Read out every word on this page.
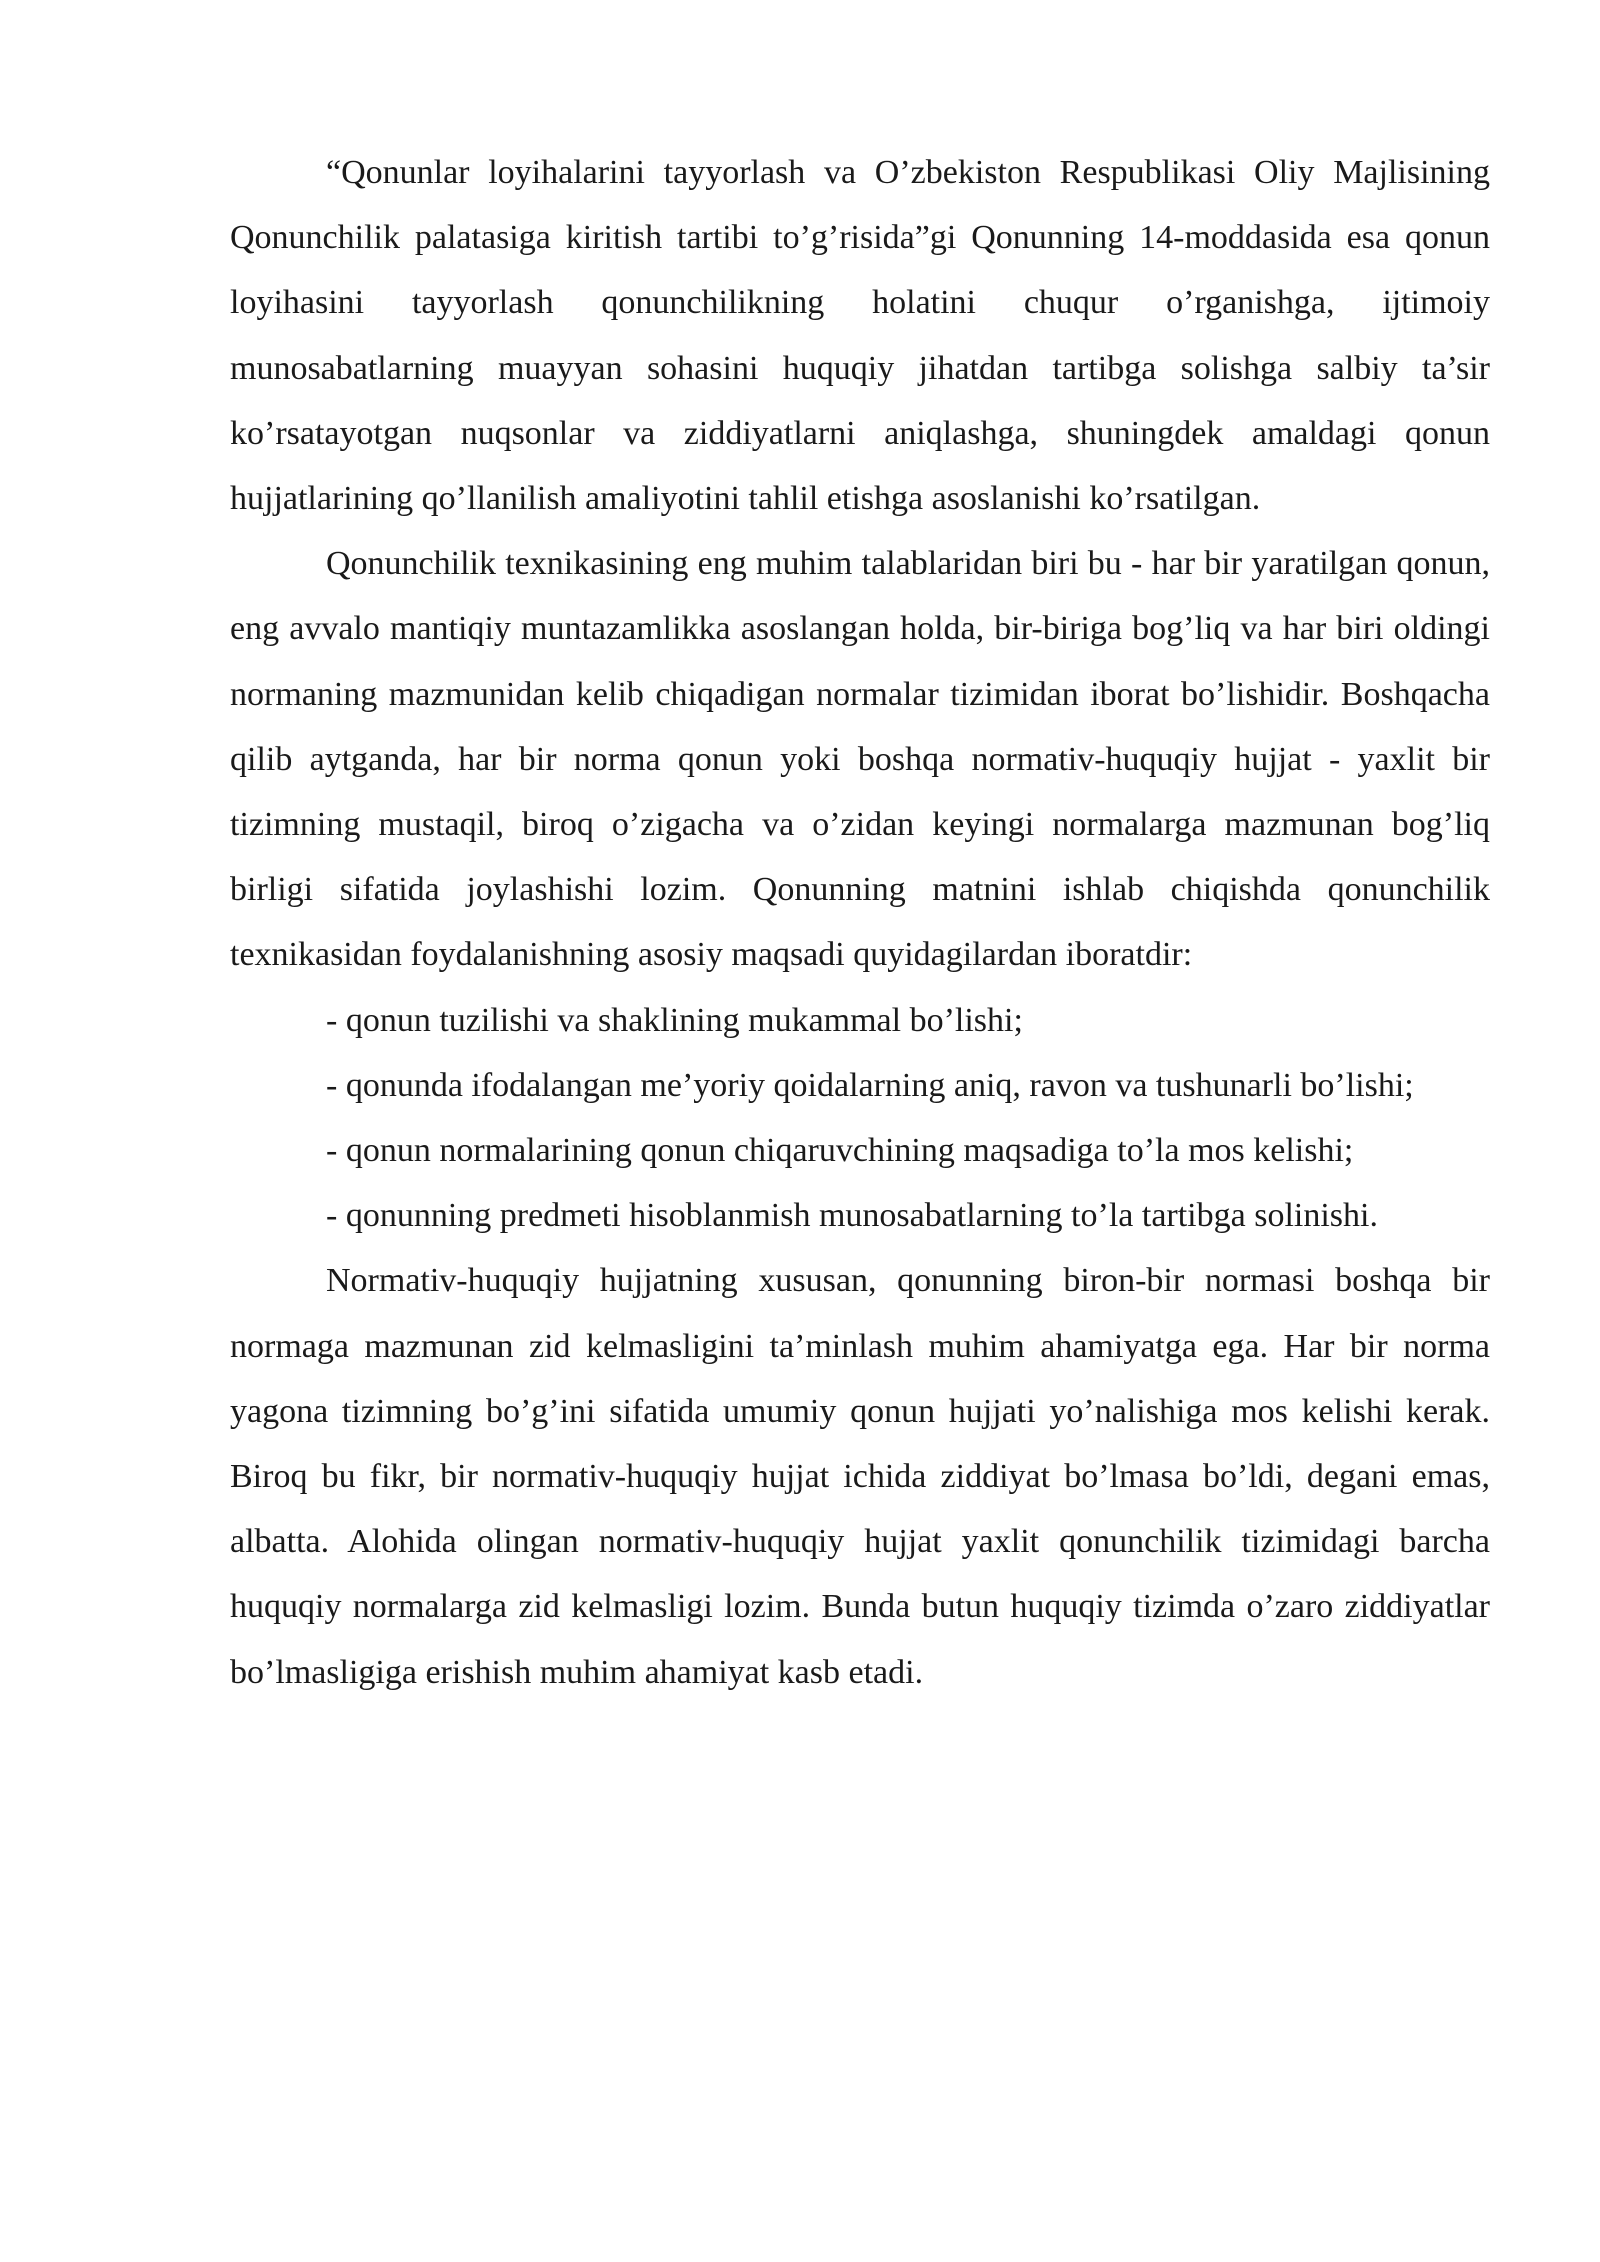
“Qonunlar loyihalarini tayyorlash va O’zbekiston Respublikasi Oliy Majlisining Qonunchilik palatasiga kiritish tartibi to’g’risida”gi Qonunning 14-moddasida esa qonun loyihasini tayyorlash qonunchilikning holatini chuqur o’rganishga, ijtimoiy munosabatlarning muayyan sohasini huquqiy jihatdan tartibga solishga salbiy ta’sir ko’rsatayotgan nuqsonlar va ziddiyatlarni aniqlashga, shuningdek amaldagi qonun hujjatlarining qo’llanilish amaliyotini tahlil etishga asoslanishi ko’rsatilgan.

Qonunchilik texnikasining eng muhim talablaridan biri bu - har bir yaratilgan qonun, eng avvalo mantiqiy muntazamlikka asoslangan holda, bir-biriga bog’liq va har biri oldingi normaning mazmunidan kelib chiqadigan normalar tizimidan iborat bo’lishidir. Boshqacha qilib aytganda, har bir norma qonun yoki boshqa normativ-huquqiy hujjat - yaxlit bir tizimning mustaqil, biroq o’zigacha va o’zidan keyingi normalarga mazmunan bog’liq birligi sifatida joylashishi lozim. Qonunning matnini ishlab chiqishda qonunchilik texnikasidan foydalanishning asosiy maqsadi quyidagilardan iboratdir:

- qonun tuzilishi va shaklining mukammal bo’lishi;

- qonunda ifodalangan me’yoriy qoidalarning aniq, ravon va tushunarli bo’lishi;

- qonun normalarining qonun chiqaruvchining maqsadiga to’la mos kelishi;

- qonunning predmeti hisoblanmish munosabatlarning to’la tartibga solinishi.

Normativ-huquqiy hujjatning xususan, qonunning biron-bir normasi boshqa bir normaga mazmunan zid kelmasligini ta’minlash muhim ahamiyatga ega. Har bir norma yagona tizimning bo’g’ini sifatida umumiy qonun hujjati yo’nalishiga mos kelishi kerak. Biroq bu fikr, bir normativ-huquqiy hujjat ichida ziddiyat bo’lmasa bo’ldi, degani emas, albatta. Alohida olingan normativ-huquqiy hujjat yaxlit qonunchilik tizimidagi barcha huquqiy normalarga zid kelmasligi lozim. Bunda butun huquqiy tizimda o’zaro ziddiyatlar bo’lmasligiga erishish muhim ahamiyat kasb etadi.
